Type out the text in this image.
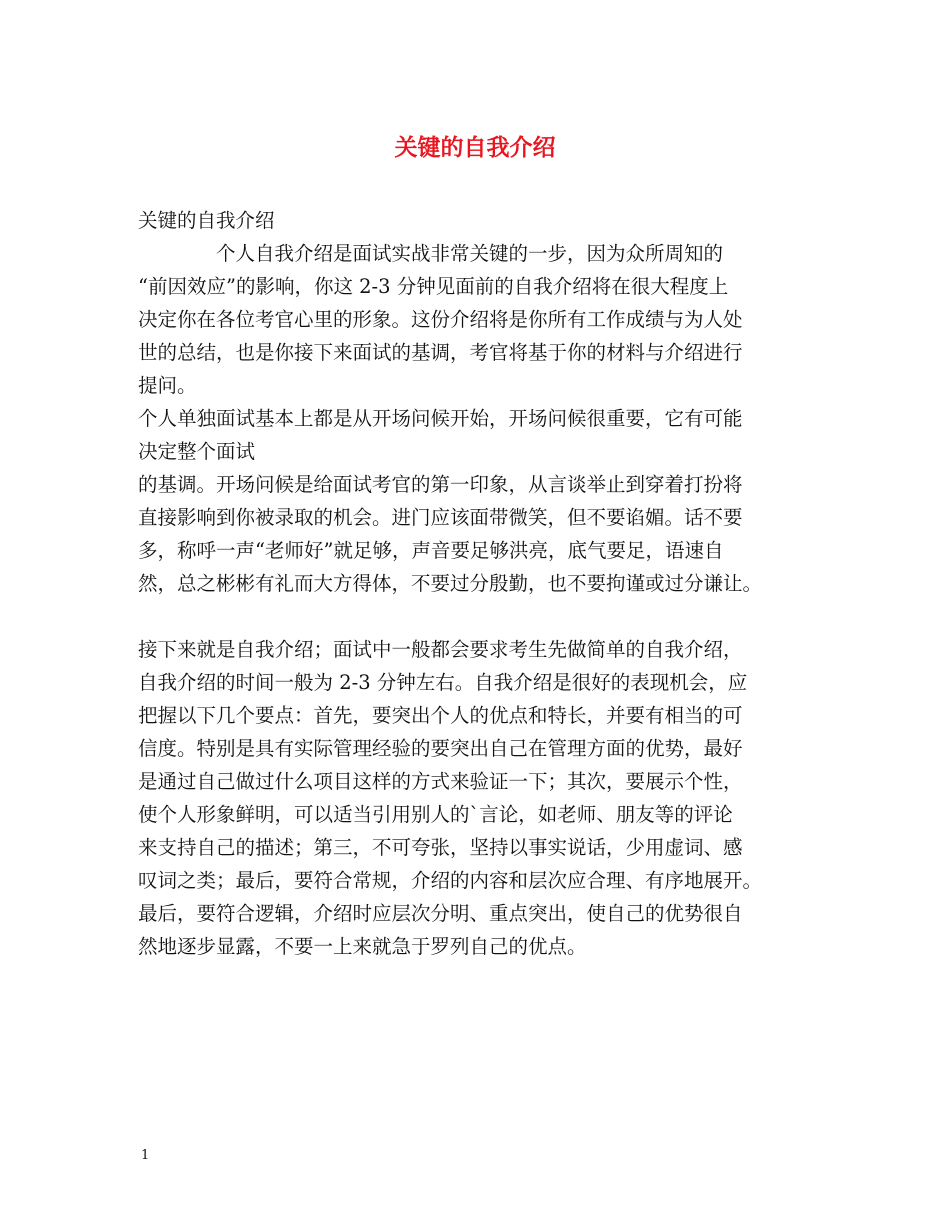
关键的自我介绍
关键的自我介绍
　　　　个人自我介绍是面试实战非常关键的一步，因为众所周知的
“前因效应”的影响，你这 2-3 分钟见面前的自我介绍将在很大程度上
决定你在各位考官心里的形象。这份介绍将是你所有工作成绩与为人处
世的总结，也是你接下来面试的基调，考官将基于你的材料与介绍进行
提问。
个人单独面试基本上都是从开场问候开始，开场问候很重要，它有可能
决定整个面试
的基调。开场问候是给面试考官的第一印象，从言谈举止到穿着打扮将
直接影响到你被录取的机会。进门应该面带微笑，但不要谄媚。话不要
多，称呼一声“老师好”就足够，声音要足够洪亮，底气要足，语速自
然，总之彬彬有礼而大方得体，不要过分殷勤，也不要拘谨或过分谦让。
接下来就是自我介绍；面试中一般都会要求考生先做简单的自我介绍，
自我介绍的时间一般为 2-3 分钟左右。自我介绍是很好的表现机会，应
把握以下几个要点：首先，要突出个人的优点和特长，并要有相当的可
信度。特别是具有实际管理经验的要突出自己在管理方面的优势，最好
是通过自己做过什么项目这样的方式来验证一下；其次，要展示个性，
使个人形象鲜明，可以适当引用别人的`言论，如老师、朋友等的评论
来支持自己的描述；第三，不可夸张，坚持以事实说话，少用虚词、感
叹词之类；最后，要符合常规，介绍的内容和层次应合理、有序地展开。
最后，要符合逻辑，介绍时应层次分明、重点突出，使自己的优势很自
然地逐步显露，不要一上来就急于罗列自己的优点。
1
